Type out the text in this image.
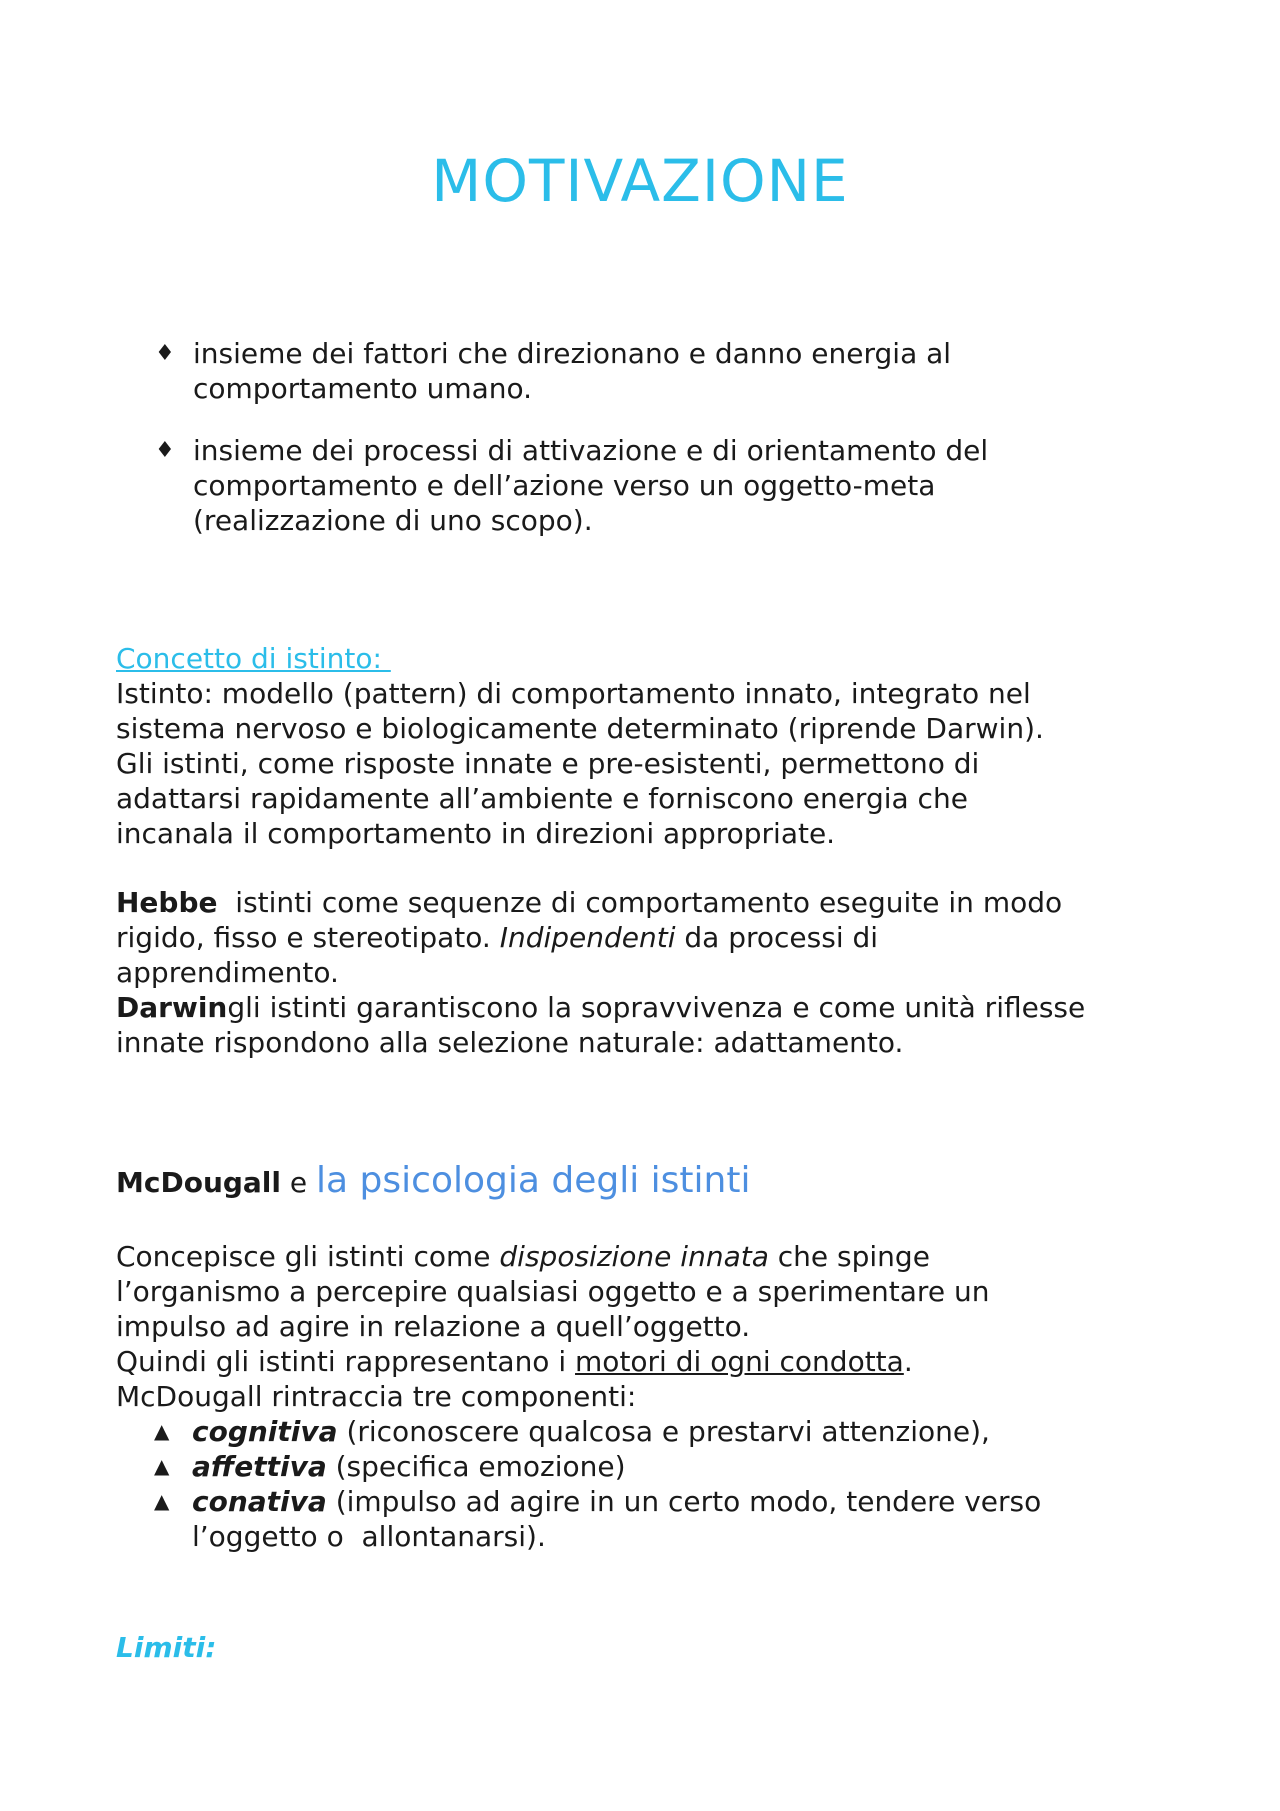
MOTIVAZIONE
♦ insieme dei fattori che direzionano e danno energia al
comportamento umano.
♦ insieme dei processi di attivazione e di orientamento del
comportamento e dell’azione verso un oggetto-meta
(realizzazione di uno scopo).
Concetto di istinto:
Istinto: modello (pattern) di comportamento innato, integrato nel
sistema nervoso e biologicamente determinato (riprende Darwin).
Gli istinti, come risposte innate e pre-esistenti, permettono di
adattarsi rapidamente all’ambiente e forniscono energia che
incanala il comportamento in direzioni appropriate.
Hebbe  istinti come sequenze di comportamento eseguite in modo
rigido, fisso e stereotipato. Indipendenti da processi di
apprendimento.
Darwingli istinti garantiscono la sopravvivenza e come unità riflesse
innate rispondono alla selezione naturale: adattamento.
McDougall e la psicologia degli istinti
Concepisce gli istinti come disposizione innata che spinge
l’organismo a percepire qualsiasi oggetto e a sperimentare un
impulso ad agire in relazione a quell’oggetto.
Quindi gli istinti rappresentano i motori di ogni condotta.
McDougall rintraccia tre componenti:
▲ cognitiva (riconoscere qualcosa e prestarvi attenzione),
▲ affettiva (specifica emozione)
▲ conativa (impulso ad agire in un certo modo, tendere verso
l’oggetto o  allontanarsi).
Limiti:
